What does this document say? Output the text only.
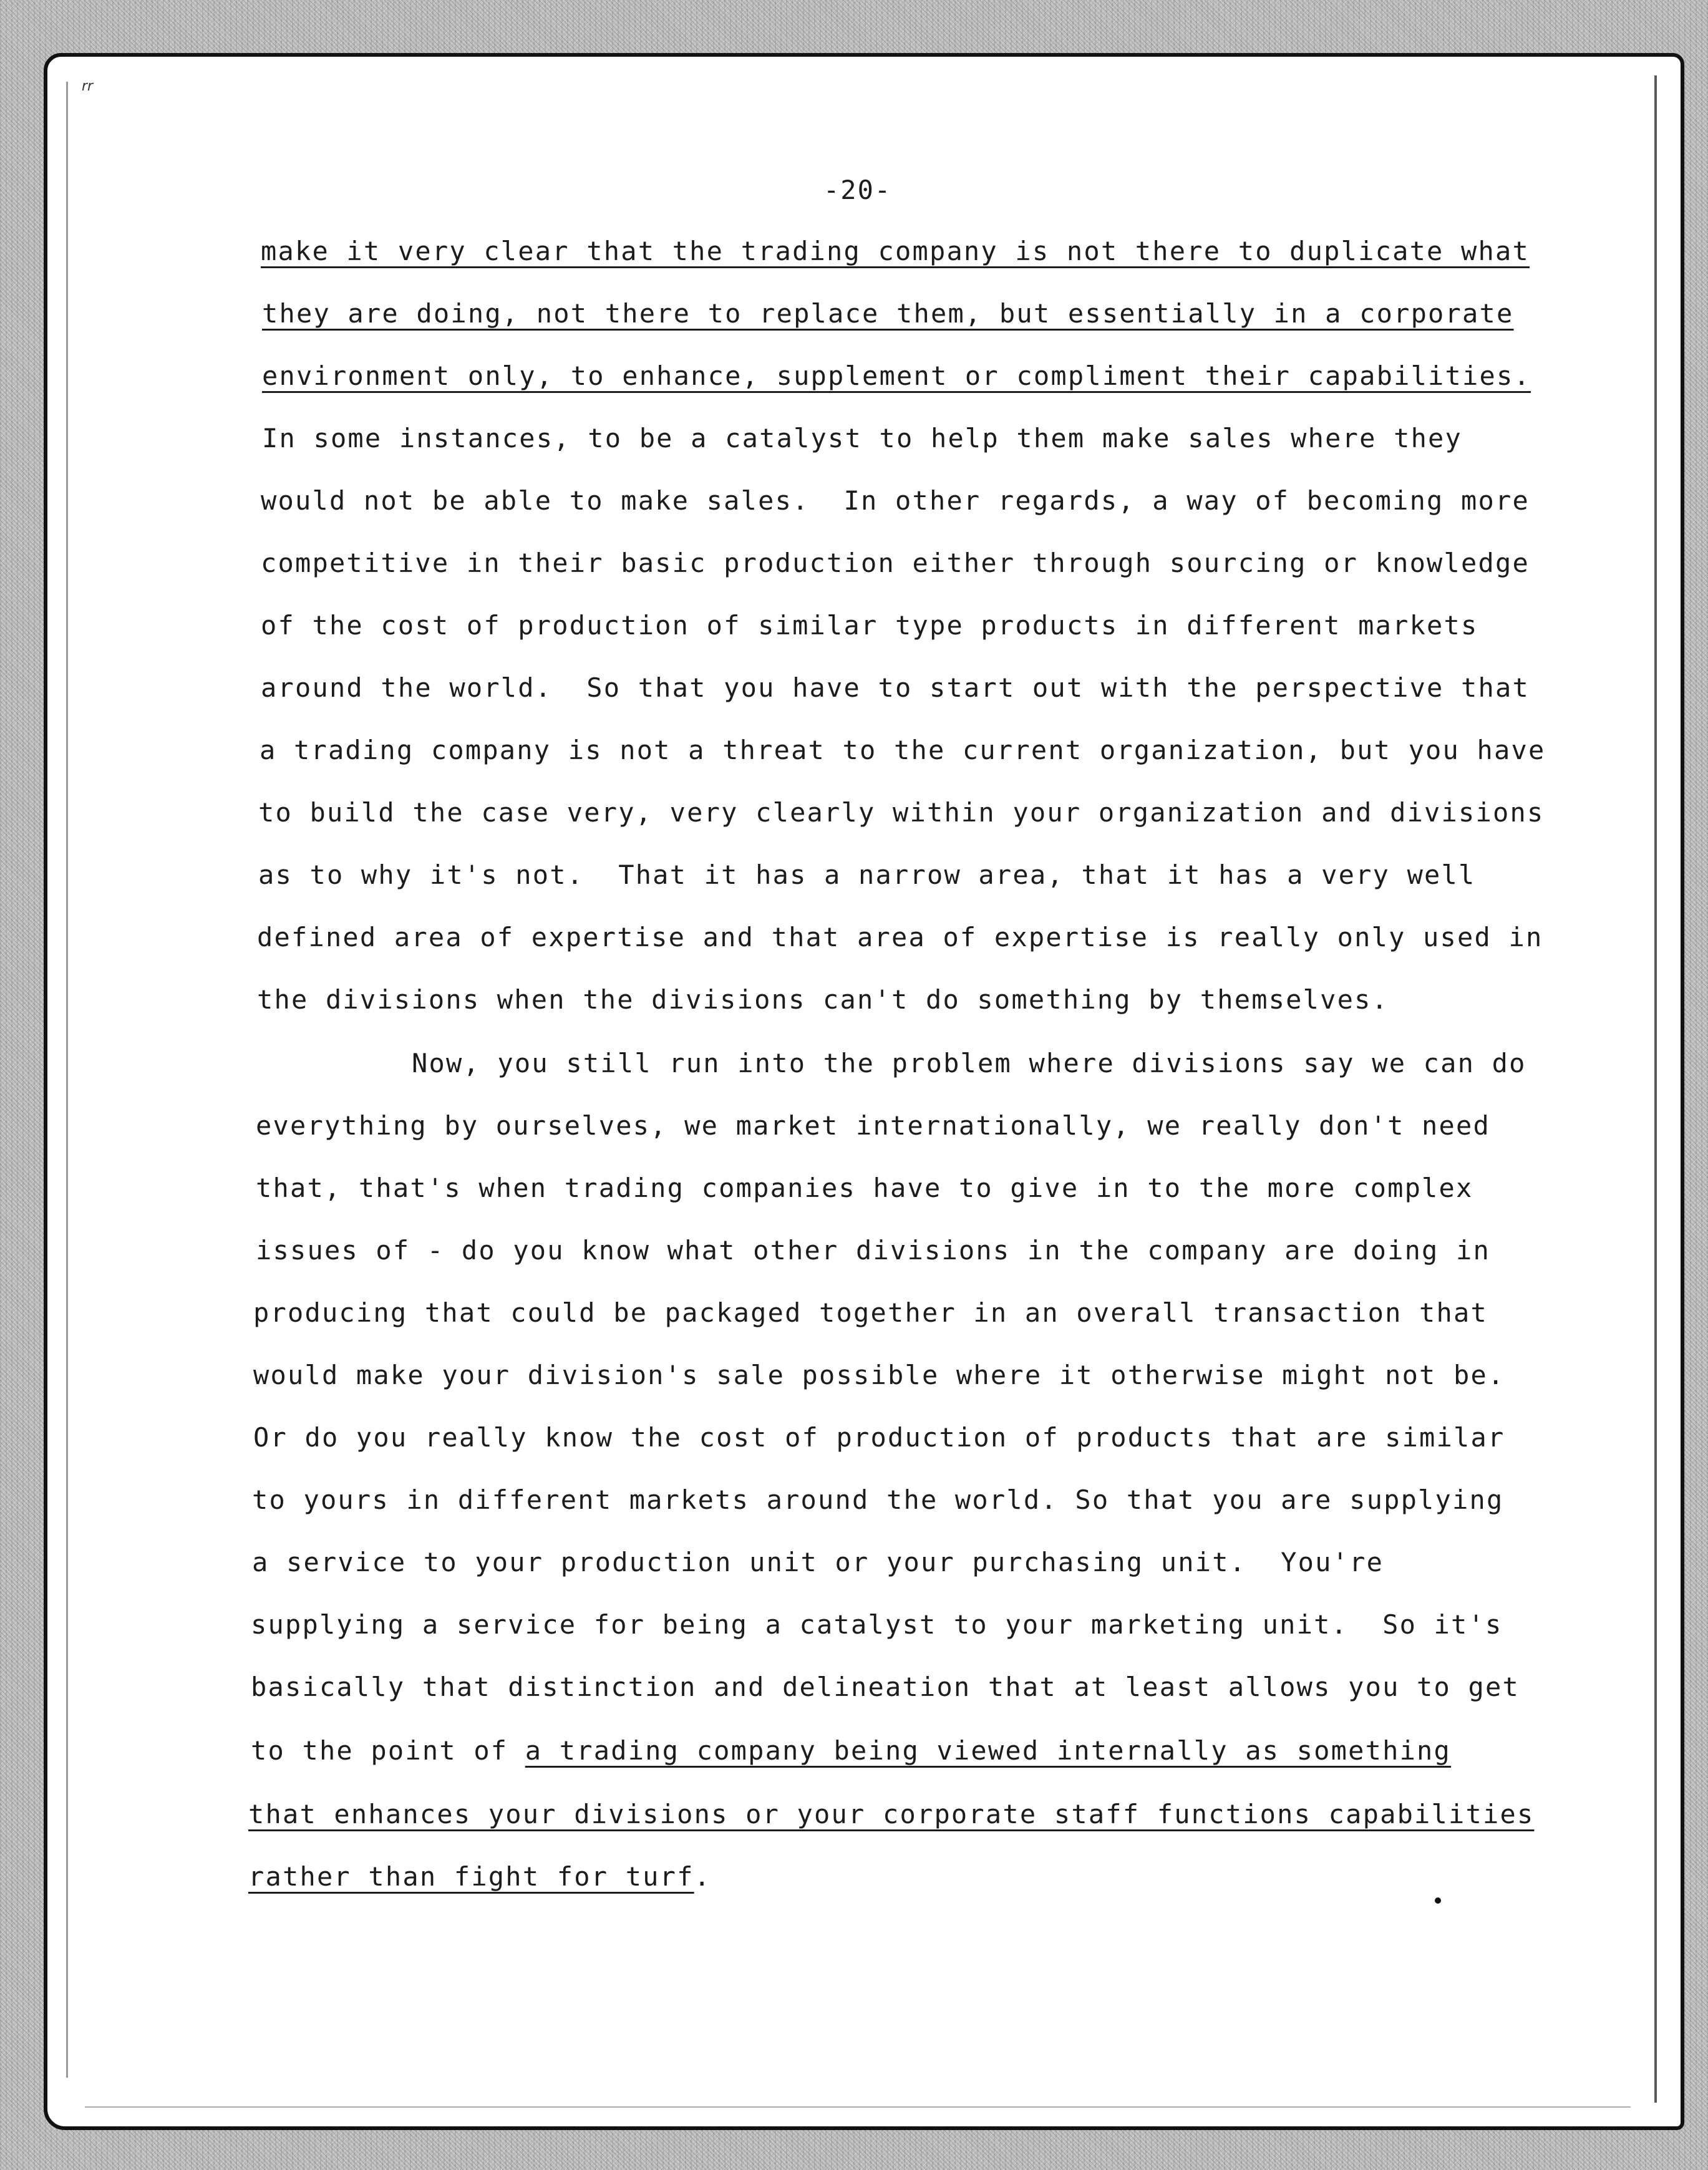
rr
-20-
make it very clear that the trading company is not there to duplicate what
they are doing, not there to replace them, but essentially in a corporate
environment only, to enhance, supplement or compliment their capabilities.
In some instances, to be a catalyst to help them make sales where they
would not be able to make sales.  In other regards, a way of becoming more
competitive in their basic production either through sourcing or knowledge
of the cost of production of similar type products in different markets
around the world.  So that you have to start out with the perspective that
a trading company is not a threat to the current organization, but you have
to build the case very, very clearly within your organization and divisions
as to why it's not.  That it has a narrow area, that it has a very well
defined area of expertise and that area of expertise is really only used in
the divisions when the divisions can't do something by themselves.
Now, you still run into the problem where divisions say we can do
everything by ourselves, we market internationally, we really don't need
that, that's when trading companies have to give in to the more complex
issues of - do you know what other divisions in the company are doing in
producing that could be packaged together in an overall transaction that
would make your division's sale possible where it otherwise might not be.
Or do you really know the cost of production of products that are similar
to yours in different markets around the world. So that you are supplying
a service to your production unit or your purchasing unit.  You're
supplying a service for being a catalyst to your marketing unit.  So it's
basically that distinction and delineation that at least allows you to get
to the point of a trading company being viewed internally as something
that enhances your divisions or your corporate staff functions capabilities
rather than fight for turf.
